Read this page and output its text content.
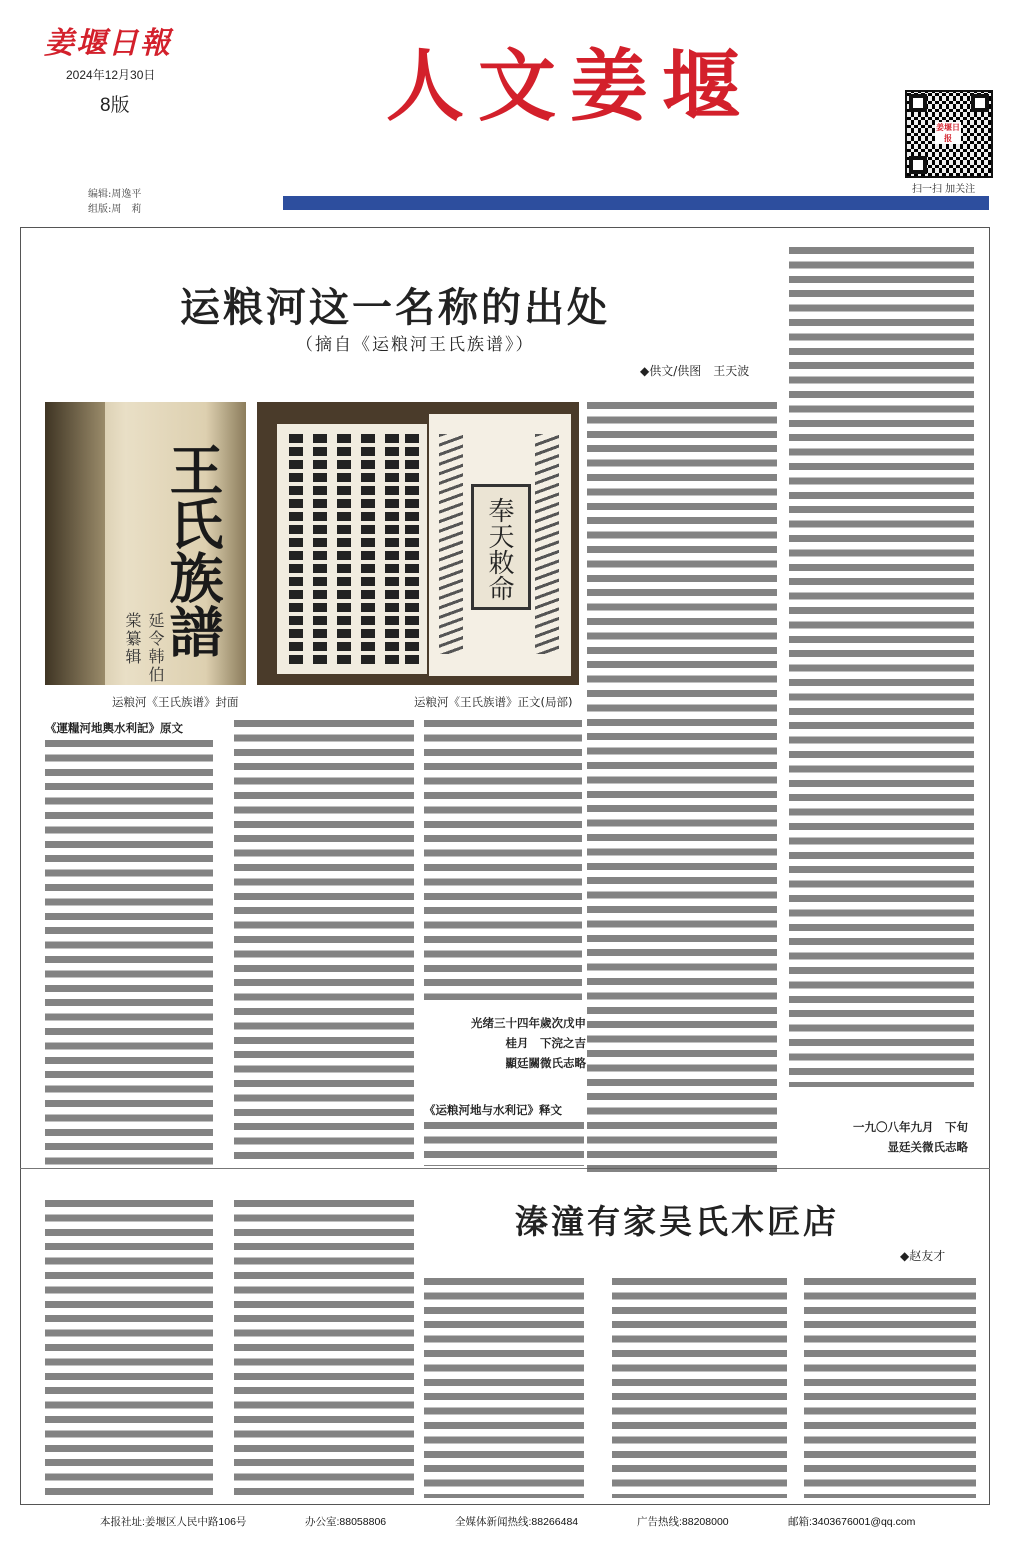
姜堰日報
2024年12月30日
8版	人文姜堰	姜堰日报
扫一扫 加关注
编辑:周逸平
组版:周　莉
运粮河这一名称的出处
（摘自《运粮河王氏族谱》）
◆供文/供图　王天波
王氏族譜
延令韩伯棠纂辑
运粮河《王氏族谱》封面
奉天敕命
运粮河《王氏族谱》正文(局部)
《運糧河地輿水利記》原文
光绪三十四年歲次戊申
桂月　下浣之吉
顯廷關微氏志略
《运粮河地与水利记》释文
一九〇八年九月　下旬
显廷关微氏志略
溱潼有家吴氏木匠店
◆赵友才
本报社址:姜堰区人民中路106号	办公室:88058806	全媒体新闻热线:88266484	广告热线:88208000	邮箱:3403676001@qq.com
